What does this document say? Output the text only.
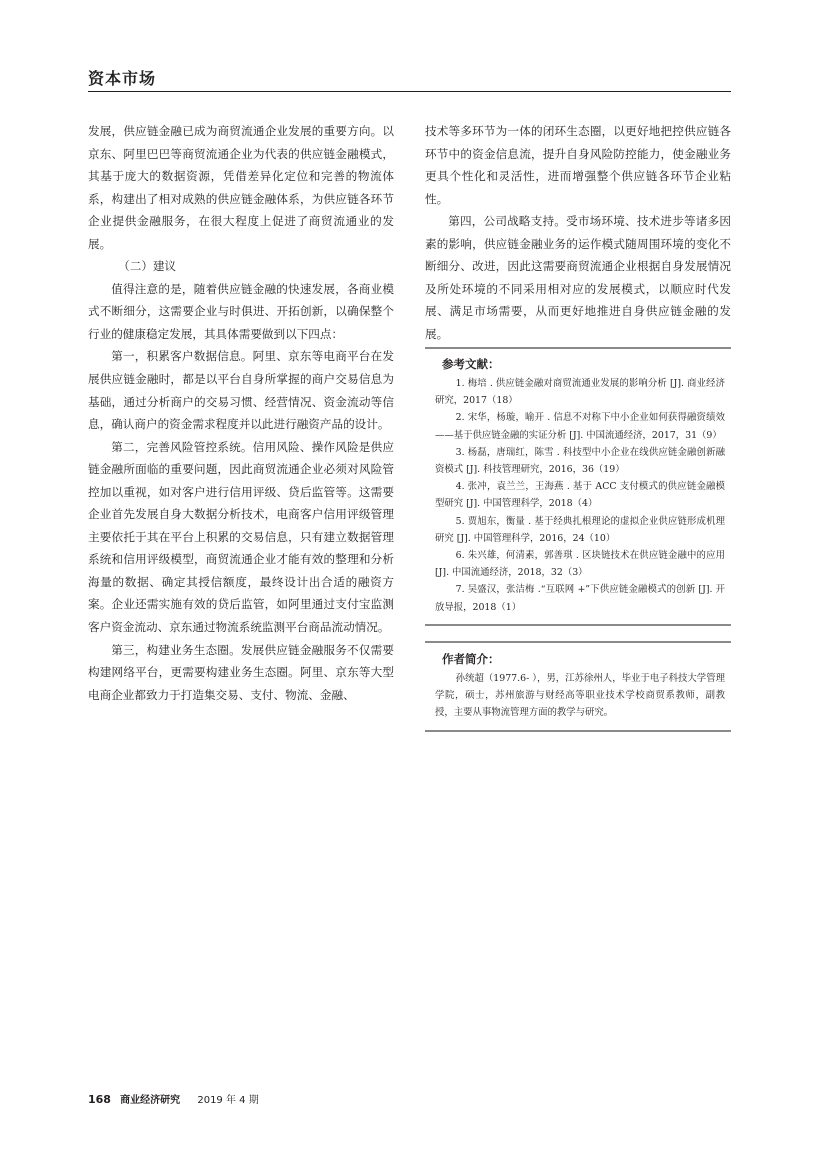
资本市场

发展，供应链金融已成为商贸流通企业发展的重要方向。以京东、阿里巴巴等商贸流通企业为代表的供应链金融模式，其基于庞大的数据资源，凭借差异化定位和完善的物流体系，构建出了相对成熟的供应链金融体系，为供应链各环节企业提供金融服务，在很大程度上促进了商贸流通业的发展。

（二）建议

值得注意的是，随着供应链金融的快速发展，各商业模式不断细分，这需要企业与时俱进、开拓创新，以确保整个行业的健康稳定发展，其具体需要做到以下四点：

第一，积累客户数据信息。阿里、京东等电商平台在发展供应链金融时，都是以平台自身所掌握的商户交易信息为基础，通过分析商户的交易习惯、经营情况、资金流动等信息，确认商户的资金需求程度并以此进行融资产品的设计。

第二，完善风险管控系统。信用风险、操作风险是供应链金融所面临的重要问题，因此商贸流通企业必须对风险管控加以重视，如对客户进行信用评级、贷后监管等。这需要企业首先发展自身大数据分析技术，电商客户信用评级管理主要依托于其在平台上积累的交易信息，只有建立数据管理系统和信用评级模型，商贸流通企业才能有效的整理和分析海量的数据、确定其授信额度，最终设计出合适的融资方案。企业还需实施有效的贷后监管，如阿里通过支付宝监测客户资金流动、京东通过物流系统监测平台商品流动情况。

第三，构建业务生态圈。发展供应链金融服务不仅需要构建网络平台，更需要构建业务生态圈。阿里、京东等大型电商企业都致力于打造集交易、支付、物流、金融、

技术等多环节为一体的闭环生态圈，以更好地把控供应链各环节中的资金信息流，提升自身风险防控能力，使金融业务更具个性化和灵活性，进而增强整个供应链各环节企业粘性。

第四，公司战略支持。受市场环境、技术进步等诸多因素的影响，供应链金融业务的运作模式随周围环境的变化不断细分、改进，因此这需要商贸流通企业根据自身发展情况及所处环境的不同采用相对应的发展模式，以顺应时代发展、满足市场需要，从而更好地推进自身供应链金融的发展。

参考文献：

1. 梅培 . 供应链金融对商贸流通业发展的影响分析 [J]. 商业经济研究，2017（18）

2. 宋华，杨璇，喻开 . 信息不对称下中小企业如何获得融资绩效——基于供应链金融的实证分析 [J]. 中国流通经济，2017，31（9）

3. 杨磊，唐瑞红，陈雪 . 科技型中小企业在线供应链金融创新融资模式 [J]. 科技管理研究，2016，36（19）

4. 张冲，袁兰兰，王海燕 . 基于 ACC 支付模式的供应链金融模型研究 [J]. 中国管理科学，2018（4）

5. 贾旭东，衡量 . 基于经典扎根理论的虚拟企业供应链形成机理研究 [J]. 中国管理科学，2016，24（10）

6. 朱兴雄，何清素，郭善琪 . 区块链技术在供应链金融中的应用 [J]. 中国流通经济，2018，32（3）

7. 吴盛汉，张洁梅 .“互联网 +”下供应链金融模式的创新 [J]. 开放导报，2018（1）

作者简介：

孙统超（1977.6- ），男，江苏徐州人，毕业于电子科技大学管理学院，硕士，苏州旅游与财经高等职业技术学校商贸系教师，副教授，主要从事物流管理方面的教学与研究。

168 商业经济研究 2019 年 4 期
